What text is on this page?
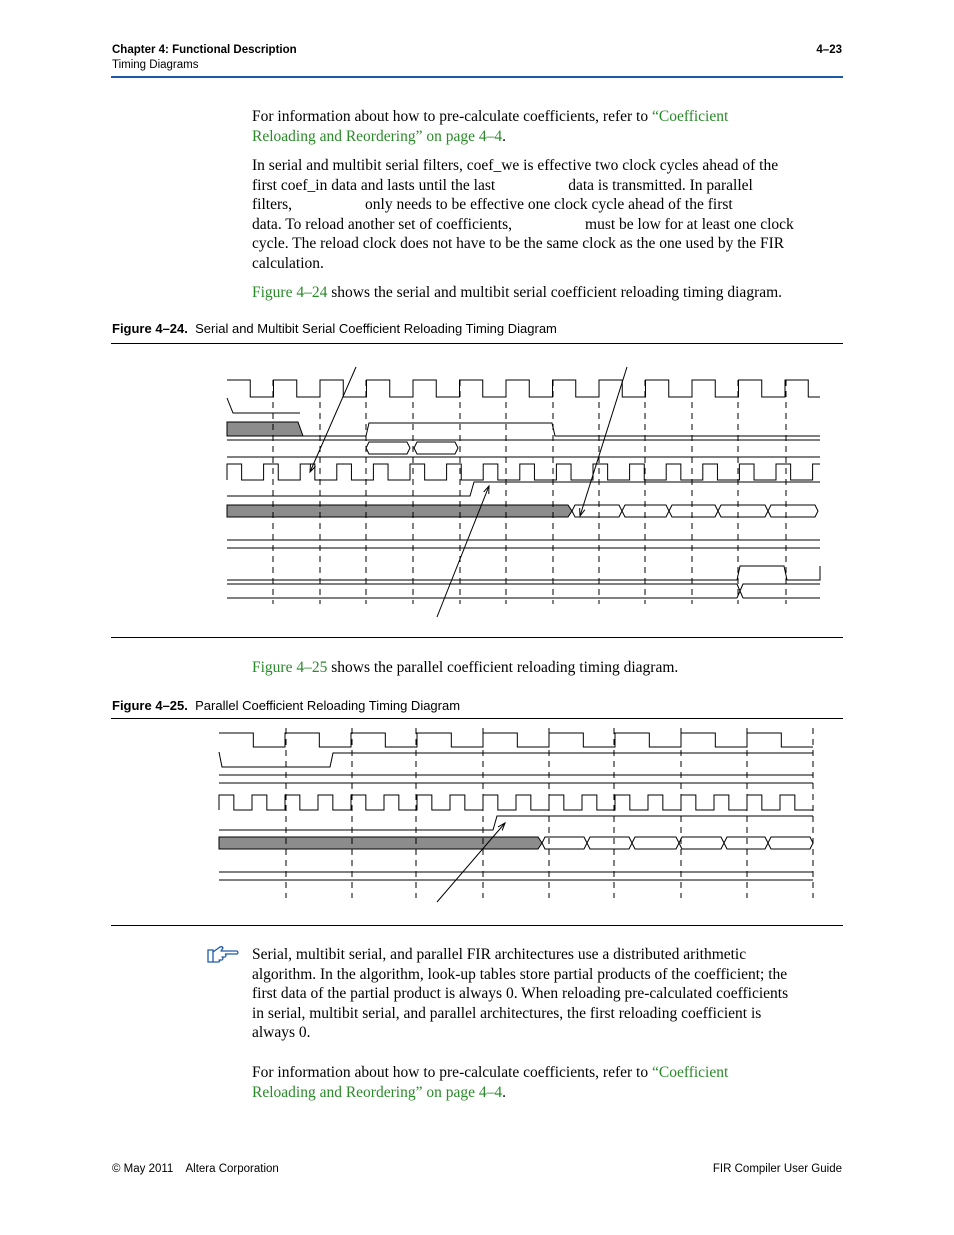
Chapter 4: Functional Description
Timing Diagrams
4–23
For information about how to pre-calculate coefficients, refer to “Coefficient
Reloading and Reordering” on page 4–4.
In serial and multibit serial filters, coef_we is effective two clock cycles ahead of the
first coef_in data and lasts until the last	data is transmitted. In parallel
filters,	only needs to be effective one clock cycle ahead of the first
data. To reload another set of coefficients,	must be low for at least one clock
cycle. The reload clock does not have to be the same clock as the one used by the FIR
calculation.
Figure 4–24 shows the serial and multibit serial coefficient reloading timing diagram.
Figure 4–24. Serial and Multibit Serial Coefficient Reloading Timing Diagram
Figure 4–25 shows the parallel coefficient reloading timing diagram.
Figure 4–25. Parallel Coefficient Reloading Timing Diagram
Serial, multibit serial, and parallel FIR architectures use a distributed arithmetic
algorithm. In the algorithm, look-up tables store partial products of the coefficient; the
first data of the partial product is always 0. When reloading pre-calculated coefficients
in serial, multibit serial, and parallel architectures, the first reloading coefficient is
always 0.
For information about how to pre-calculate coefficients, refer to “Coefficient
Reloading and Reordering” on page 4–4.
© May 2011    Altera Corporation	FIR Compiler User Guide
